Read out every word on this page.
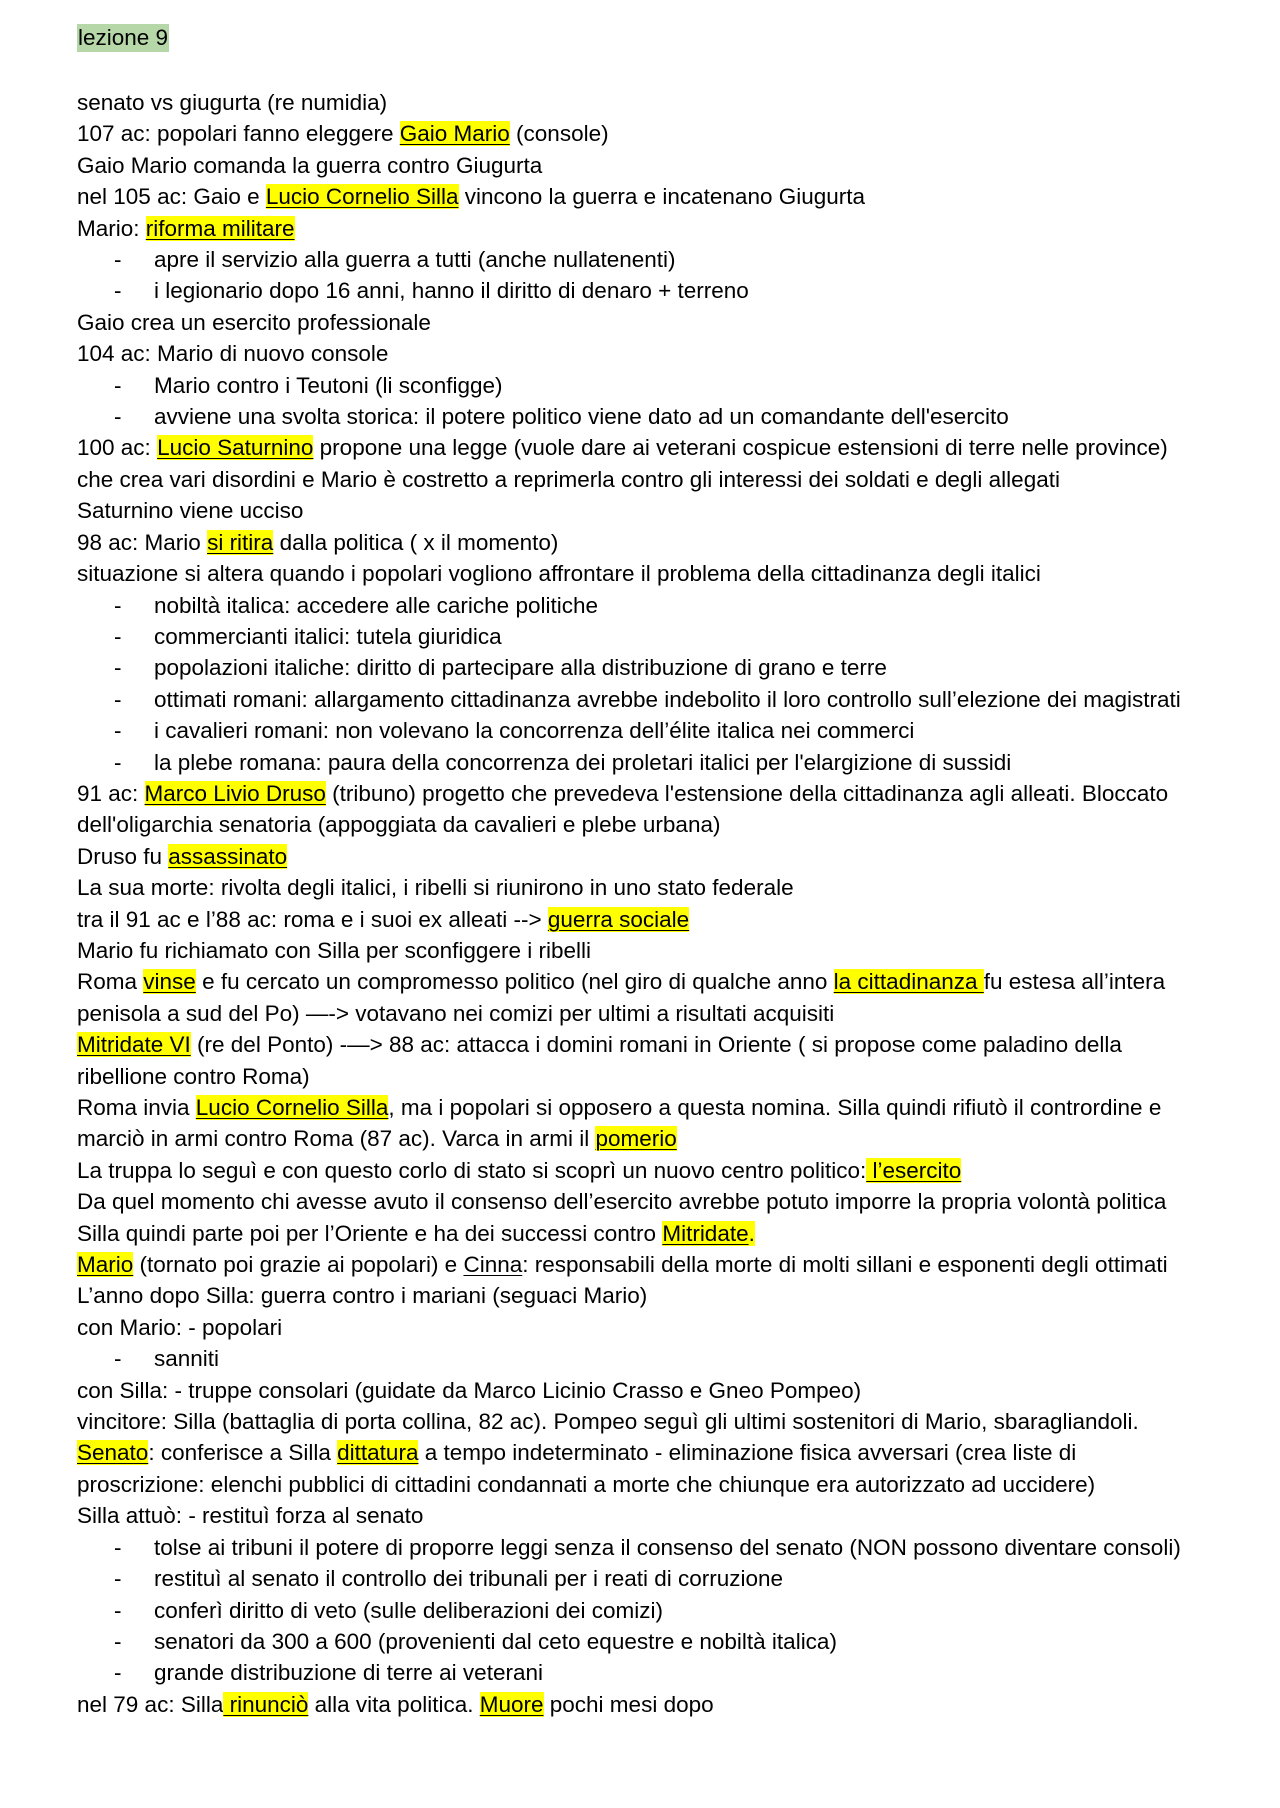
lezione 9
senato vs giugurta (re numidia)
107 ac: popolari fanno eleggere Gaio Mario (console)
Gaio Mario comanda la guerra contro Giugurta
nel 105 ac: Gaio e Lucio Cornelio Silla vincono la guerra e incatenano Giugurta
Mario: riforma militare
- apre il servizio alla guerra a tutti (anche nullatenenti)
- i legionario dopo 16 anni, hanno il diritto di denaro + terreno
Gaio crea un esercito professionale
104 ac: Mario di nuovo console
- Mario contro i Teutoni (li sconfigge)
- avviene una svolta storica: il potere politico viene dato ad un comandante dell'esercito
100 ac: Lucio Saturnino propone una legge (vuole dare ai veterani cospicue estensioni di terre nelle province)
che crea vari disordini e Mario è costretto a reprimerla contro gli interessi dei soldati e degli allegati
Saturnino viene ucciso
98 ac: Mario si ritira dalla politica ( x il momento)
situazione si altera quando i popolari vogliono affrontare il problema della cittadinanza degli italici
- nobiltà italica: accedere alle cariche politiche
- commercianti italici: tutela giuridica
- popolazioni italiche: diritto di partecipare alla distribuzione di grano e terre
- ottimati romani: allargamento cittadinanza avrebbe indebolito il loro controllo sull’elezione dei magistrati
- i cavalieri romani: non volevano la concorrenza dell’élite italica nei commerci
- la plebe romana: paura della concorrenza dei proletari italici per l'elargizione di sussidi
91 ac: Marco Livio Druso (tribuno) progetto che prevedeva l'estensione della cittadinanza agli alleati. Bloccato
dell'oligarchia senatoria (appoggiata da cavalieri e plebe urbana)
Druso fu assassinato
La sua morte: rivolta degli italici, i ribelli si riunirono in uno stato federale
tra il 91 ac e l’88 ac: roma e i suoi ex alleati --> guerra sociale
Mario fu richiamato con Silla per sconfiggere i ribelli
Roma vinse e fu cercato un compromesso politico (nel giro di qualche anno la cittadinanza fu estesa all’intera
penisola a sud del Po) —-> votavano nei comizi per ultimi a risultati acquisiti
Mitridate VI (re del Ponto) -—> 88 ac: attacca i domini romani in Oriente ( si propose come paladino della
ribellione contro Roma)
Roma invia Lucio Cornelio Silla, ma i popolari si opposero a questa nomina. Silla quindi rifiutò il contrordine e
marciò in armi contro Roma (87 ac). Varca in armi il pomerio
La truppa lo seguì e con questo corlo di stato si scoprì un nuovo centro politico: l’esercito
Da quel momento chi avesse avuto il consenso dell’esercito avrebbe potuto imporre la propria volontà politica
Silla quindi parte poi per l’Oriente e ha dei successi contro Mitridate.
Mario (tornato poi grazie ai popolari) e Cinna: responsabili della morte di molti sillani e esponenti degli ottimati
L’anno dopo Silla: guerra contro i mariani (seguaci Mario)
con Mario: - popolari
- sanniti
con Silla: - truppe consolari (guidate da Marco Licinio Crasso e Gneo Pompeo)
vincitore: Silla (battaglia di porta collina, 82 ac). Pompeo seguì gli ultimi sostenitori di Mario, sbaragliandoli.
Senato: conferisce a Silla dittatura a tempo indeterminato - eliminazione fisica avversari (crea liste di
proscrizione: elenchi pubblici di cittadini condannati a morte che chiunque era autorizzato ad uccidere)
Silla attuò: - restituì forza al senato
- tolse ai tribuni il potere di proporre leggi senza il consenso del senato (NON possono diventare consoli)
- restituì al senato il controllo dei tribunali per i reati di corruzione
- conferì diritto di veto (sulle deliberazioni dei comizi)
- senatori da 300 a 600 (provenienti dal ceto equestre e nobiltà italica)
- grande distribuzione di terre ai veterani
nel 79 ac: Silla rinunciò alla vita politica. Muore pochi mesi dopo
